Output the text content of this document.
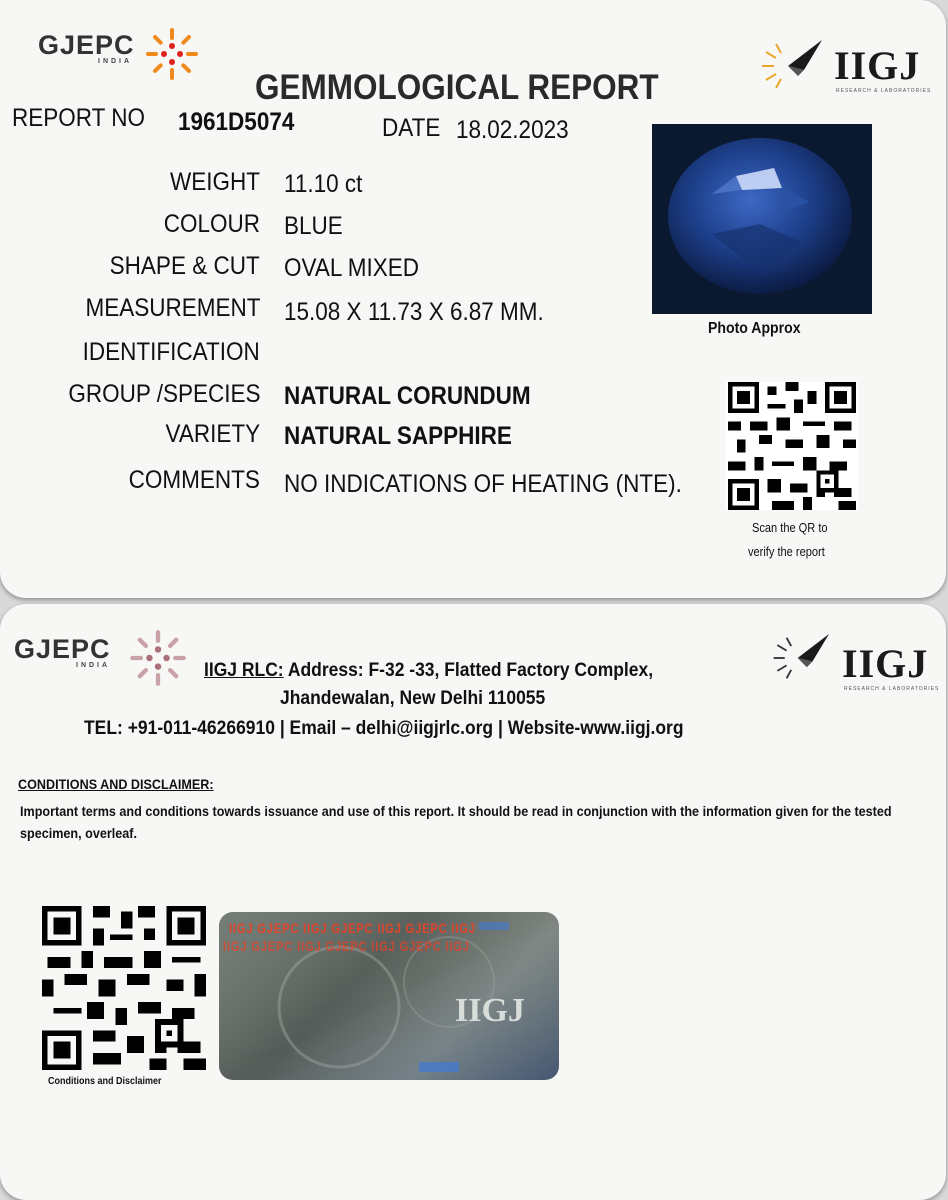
GJEPC
INDIA	IIGJ
RESEARCH & LABORATORIES
GEMMOLOGICAL REPORT
REPORT NO 1961D5074	DATE 18.02.2023
WEIGHT 11.10 ct
COLOUR BLUE
SHAPE & CUT OVAL MIXED
MEASUREMENT 15.08 X 11.73 X 6.87 MM.
IDENTIFICATION
GROUP /SPECIES NATURAL CORUNDUM
VARIETY NATURAL SAPPHIRE
COMMENTS NO INDICATIONS OF HEATING (NTE).
Photo Approx
Scan the QR to
verify the report
GJEPC
INDIA	IIGJ
RESEARCH & LABORATORIES
IIGJ RLC: Address: F-32 -33, Flatted Factory Complex,
Jhandewalan, New Delhi 110055
TEL: +91-011-46266910 | Email – delhi@iigjrlc.org | Website-www.iigj.org
CONDITIONS AND DISCLAIMER:
Important terms and conditions towards issuance and use of this report. It should be read in conjunction with the information given for the tested specimen, overleaf.
Conditions and Disclaimer
IIGJ GJEPC IIGJ GJEPC IIGJ GJEPC IIGJ
IIGJ GJEPC IIGJ GJEPC IIGJ GJEPC IIGJ
IIGJ
